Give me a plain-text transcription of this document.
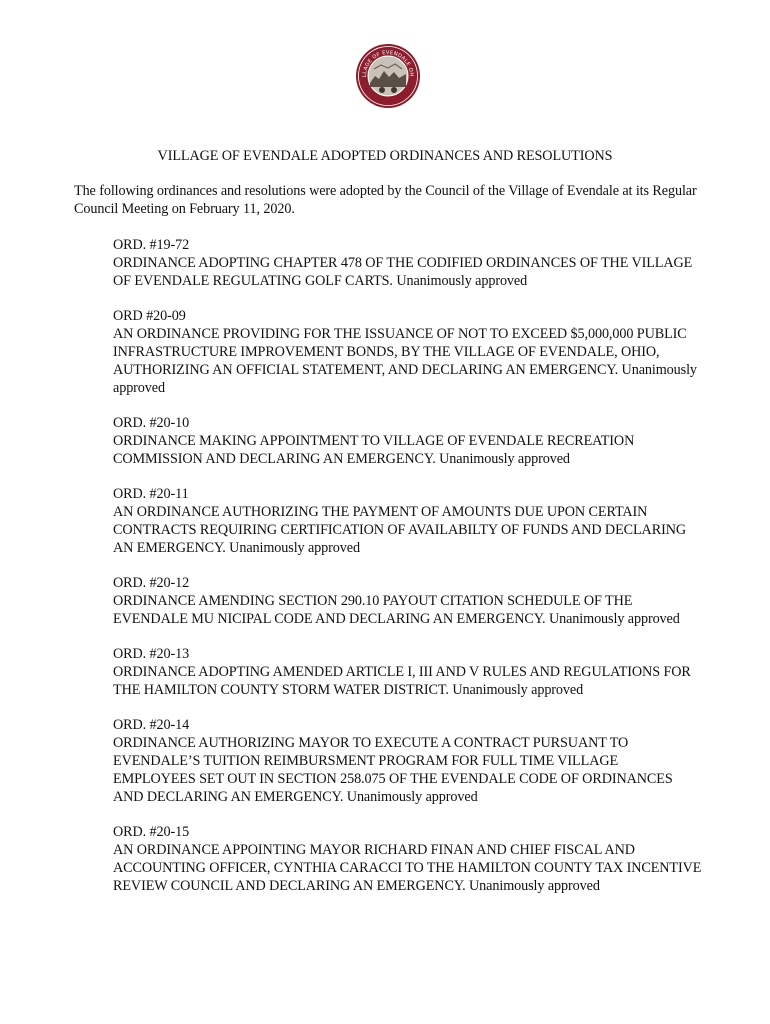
LLAGE OF EVENDALE OH
VILLAGE OF EVENDALE ADOPTED ORDINANCES AND RESOLUTIONS
The following ordinances and resolutions were adopted by the Council of the Village of Evendale at its Regular Council Meeting on February 11, 2020.
ORD. #19-72
ORDINANCE ADOPTING CHAPTER 478 OF THE CODIFIED ORDINANCES OF THE VILLAGE OF EVENDALE REGULATING GOLF CARTS. Unanimously approved
ORD #20-09
AN ORDINANCE PROVIDING FOR THE ISSUANCE OF NOT TO EXCEED $5,000,000 PUBLIC INFRASTRUCTURE IMPROVEMENT BONDS, BY THE VILLAGE OF EVENDALE, OHIO, AUTHORIZING AN OFFICIAL STATEMENT, AND DECLARING AN EMERGENCY. Unanimously approved
ORD. #20-10
ORDINANCE MAKING APPOINTMENT TO VILLAGE OF EVENDALE RECREATION COMMISSION AND DECLARING AN EMERGENCY. Unanimously approved
ORD. #20-11
AN ORDINANCE AUTHORIZING THE PAYMENT OF AMOUNTS DUE UPON CERTAIN CONTRACTS REQUIRING CERTIFICATION OF AVAILABILTY OF FUNDS AND DECLARING AN EMERGENCY. Unanimously approved
ORD. #20-12
ORDINANCE AMENDING SECTION 290.10 PAYOUT CITATION SCHEDULE OF THE EVENDALE MU NICIPAL CODE AND DECLARING AN EMERGENCY. Unanimously approved
ORD. #20-13
ORDINANCE ADOPTING AMENDED ARTICLE I, III AND V RULES AND REGULATIONS FOR THE HAMILTON COUNTY STORM WATER DISTRICT. Unanimously approved
ORD. #20-14
ORDINANCE AUTHORIZING MAYOR TO EXECUTE A CONTRACT PURSUANT TO EVENDALE’S TUITION REIMBURSMENT PROGRAM FOR FULL TIME VILLAGE EMPLOYEES SET OUT IN SECTION 258.075 OF THE EVENDALE CODE OF ORDINANCES AND DECLARING AN EMERGENCY. Unanimously approved
ORD. #20-15
AN ORDINANCE APPOINTING MAYOR RICHARD FINAN AND CHIEF FISCAL AND ACCOUNTING OFFICER, CYNTHIA CARACCI TO THE HAMILTON COUNTY TAX INCENTIVE REVIEW COUNCIL AND DECLARING AN EMERGENCY. Unanimously approved
